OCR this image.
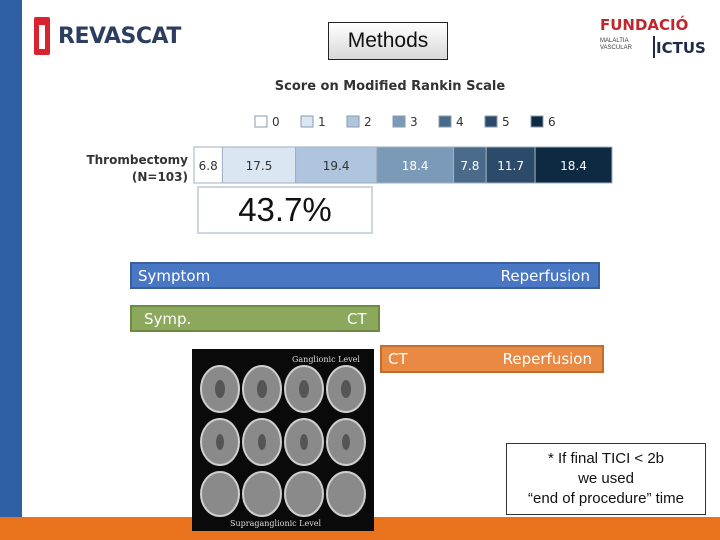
REVASCAT	FUNDACIÓ
MALALTIA VASCULAR	ICTUS
Methods
Score on Modified Rankin Scale
Thrombectomy (N=103)
0	1	2	3	4	5	6
6.8 17.5	19.4	18.4	7.8 11.7	18.4
43.7%
Symptom	Reperfusion
Symp.	CT
CT	Reperfusion
Ganglionic Level
Supraganglionic Level
* If final TICI < 2b
we used
“end of procedure” time
